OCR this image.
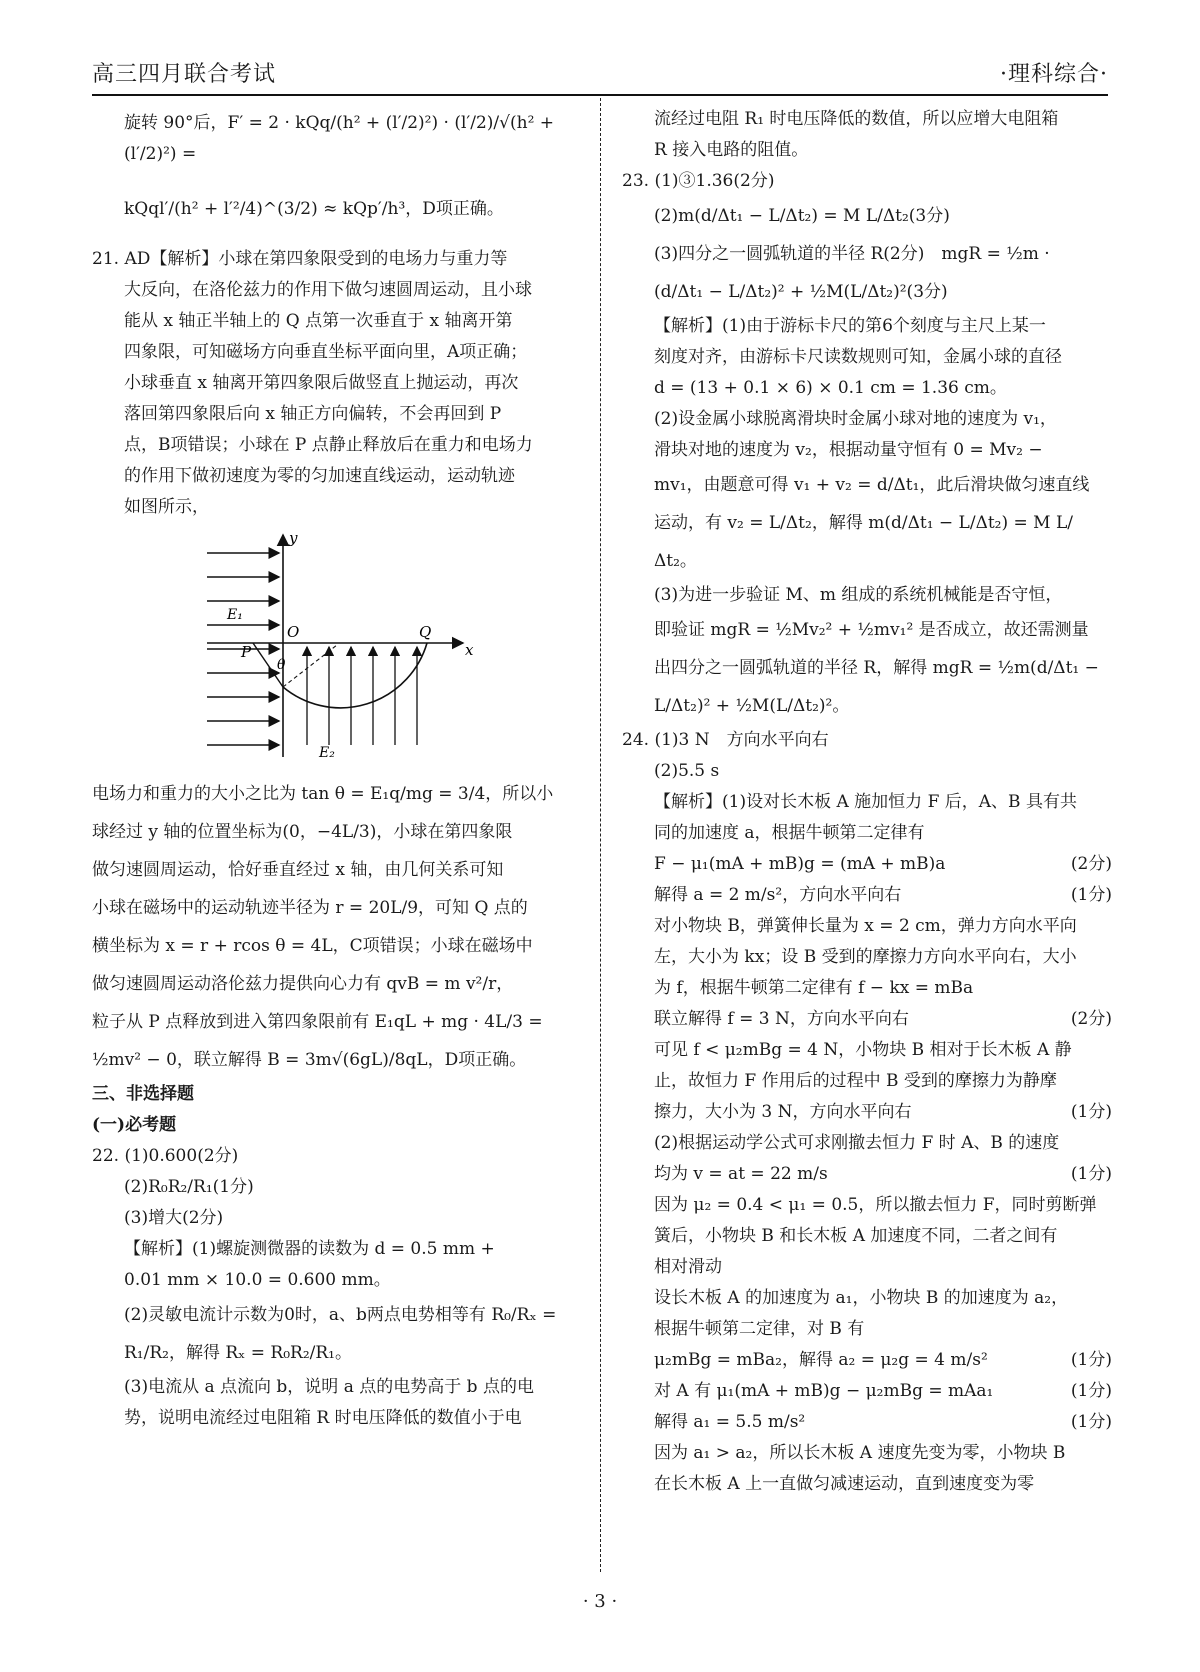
高三四月联合考试	·理科综合·
旋转 90°后，F′ = 2 · kQq/(h² + (l′/2)²) · (l′/2)/√(h² + (l′/2)²) =
kQql′/(h² + l′²/4)^(3/2) ≈ kQp′/h³，D项正确。

21. AD【解析】小球在第四象限受到的电场力与重力等

大反向，在洛伦兹力的作用下做匀速圆周运动，且小球

能从 x 轴正半轴上的 Q 点第一次垂直于 x 轴离开第

四象限，可知磁场方向垂直坐标平面向里，A项正确；

小球垂直 x 轴离开第四象限后做竖直上抛运动，再次

落回第四象限后向 x 轴正方向偏转，不会再回到 P

点，B项错误；小球在 P 点静止释放后在重力和电场力

的作用下做初速度为零的匀加速直线运动，运动轨迹

如图所示，

y
x
O	Q
P
θ
E₁
E₂

电场力和重力的大小之比为 tan θ = E₁q/mg = 3/4，所以小

球经过 y 轴的位置坐标为(0，−4L/3)，小球在第四象限

做匀速圆周运动，恰好垂直经过 x 轴，由几何关系可知

小球在磁场中的运动轨迹半径为 r = 20L/9，可知 Q 点的

横坐标为 x = r + rcos θ = 4L，C项错误；小球在磁场中

做匀速圆周运动洛伦兹力提供向心力有 qvB = m v²/r，

粒子从 P 点释放到进入第四象限前有 E₁qL + mg · 4L/3 =

½mv² − 0，联立解得 B = 3m√(6gL)/8qL，D项正确。

三、非选择题

(一)必考题

22. (1)0.600(2分)

(2)R₀R₂/R₁(1分)

(3)增大(2分)

【解析】(1)螺旋测微器的读数为 d = 0.5 mm +

0.01 mm × 10.0 = 0.600 mm。

(2)灵敏电流计示数为0时，a、b两点电势相等有 R₀/Rₓ =

R₁/R₂，解得 Rₓ = R₀R₂/R₁。

(3)电流从 a 点流向 b，说明 a 点的电势高于 b 点的电

势，说明电流经过电阻箱 R 时电压降低的数值小于电

流经过电阻 R₁ 时电压降低的数值，所以应增大电阻箱

R 接入电路的阻值。

23. (1)③1.36(2分)

(2)m(d/Δt₁ − L/Δt₂) = M L/Δt₂(3分)

(3)四分之一圆弧轨道的半径 R(2分)　mgR = ½m ·

(d/Δt₁ − L/Δt₂)² + ½M(L/Δt₂)²(3分)

【解析】(1)由于游标卡尺的第6个刻度与主尺上某一

刻度对齐，由游标卡尺读数规则可知，金属小球的直径

d = (13 + 0.1 × 6) × 0.1 cm = 1.36 cm。

(2)设金属小球脱离滑块时金属小球对地的速度为 v₁，

滑块对地的速度为 v₂，根据动量守恒有 0 = Mv₂ −

mv₁，由题意可得 v₁ + v₂ = d/Δt₁，此后滑块做匀速直线

运动，有 v₂ = L/Δt₂，解得 m(d/Δt₁ − L/Δt₂) = M L/Δt₂。

(3)为进一步验证 M、m 组成的系统机械能是否守恒，

即验证 mgR = ½Mv₂² + ½mv₁² 是否成立，故还需测量

出四分之一圆弧轨道的半径 R，解得 mgR = ½m(d/Δt₁ −

L/Δt₂)² + ½M(L/Δt₂)²。

24. (1)3 N　方向水平向右

(2)5.5 s

【解析】(1)设对长木板 A 施加恒力 F 后，A、B 具有共

同的加速度 a，根据牛顿第二定律有

F − μ₁(mA + mB)g = (mA + mB)a	(2分)
解得 a = 2 m/s²，方向水平向右	(1分)

对小物块 B，弹簧伸长量为 x = 2 cm，弹力方向水平向

左，大小为 kx；设 B 受到的摩擦力方向水平向右，大小

为 f，根据牛顿第二定律有 f − kx = mBa

联立解得 f = 3 N，方向水平向右	(2分)

可见 f < μ₂mBg = 4 N，小物块 B 相对于长木板 A 静

止，故恒力 F 作用后的过程中 B 受到的摩擦力为静摩

擦力，大小为 3 N，方向水平向右	(1分)

(2)根据运动学公式可求刚撤去恒力 F 时 A、B 的速度

均为 v = at = 22 m/s	(1分)

因为 μ₂ = 0.4 < μ₁ = 0.5，所以撤去恒力 F，同时剪断弹

簧后，小物块 B 和长木板 A 加速度不同，二者之间有

相对滑动

设长木板 A 的加速度为 a₁，小物块 B 的加速度为 a₂，

根据牛顿第二定律，对 B 有

μ₂mBg = mBa₂，解得 a₂ = μ₂g = 4 m/s²	(1分)
对 A 有 μ₁(mA + mB)g − μ₂mBg = mAa₁	(1分)
解得 a₁ = 5.5 m/s²	(1分)

因为 a₁ > a₂，所以长木板 A 速度先变为零，小物块 B

在长木板 A 上一直做匀减速运动，直到速度变为零

· 3 ·
